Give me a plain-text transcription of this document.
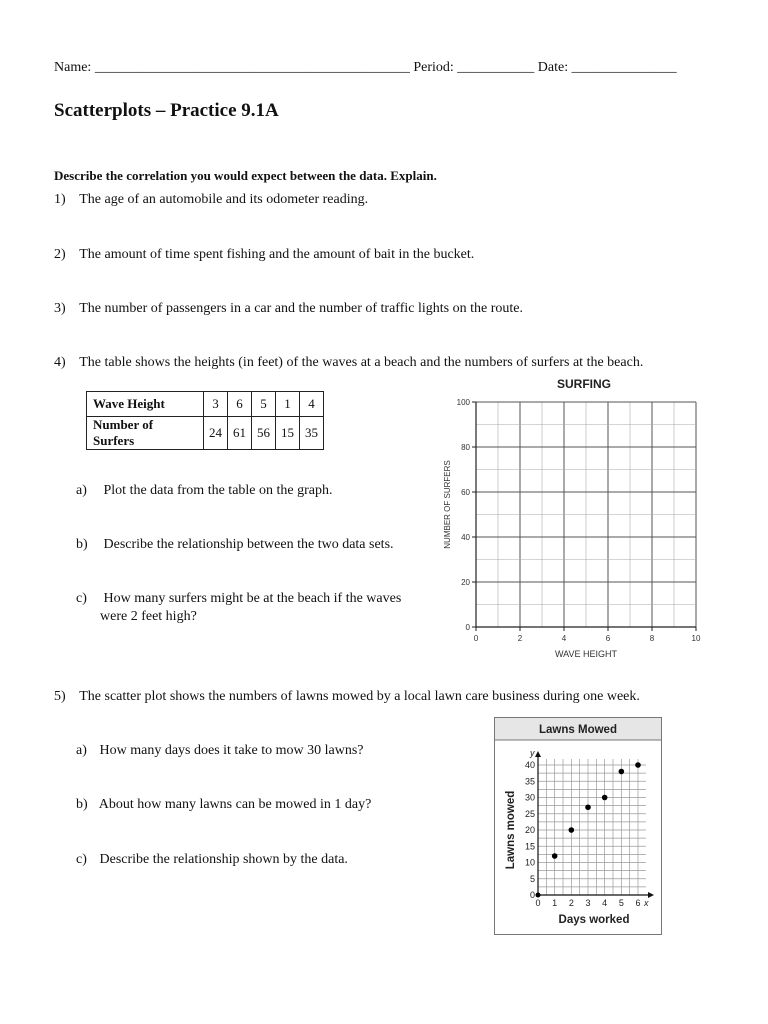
Name: _____________________________________________ Period: ___________ Date: _______________
Scatterplots – Practice 9.1A
Describe the correlation you would expect between the data. Explain.
1) The age of an automobile and its odometer reading.
2) The amount of time spent fishing and the amount of bait in the bucket.
3) The number of passengers in a car and the number of traffic lights on the route.
4) The table shows the heights (in feet) of the waves at a beach and the numbers of surfers at the beach.
Wave Height	3	6	5	1	4
Number of Surfers	24	61	56	15	35
a) Plot the data from the table on the graph.
b) Describe the relationship between the two data sets.
c) How many surfers might be at the beach if the waves
were 2 feet high?
SURFING
0	2	4	6	8	10
0
20
40
60
80
100
WAVE HEIGHT
NUMBER OF SURFERS
5) The scatter plot shows the numbers of lawns mowed by a local lawn care business during one week.
a) How many days does it take to mow 30 lawns?
b) About how many lawns can be mowed in 1 day?
c) Describe the relationship shown by the data.
Lawns Mowed
y
x
0 1 2 3 4 5 6
0
5
10
15
20
25
30
35
40
Days worked
Lawns mowed
